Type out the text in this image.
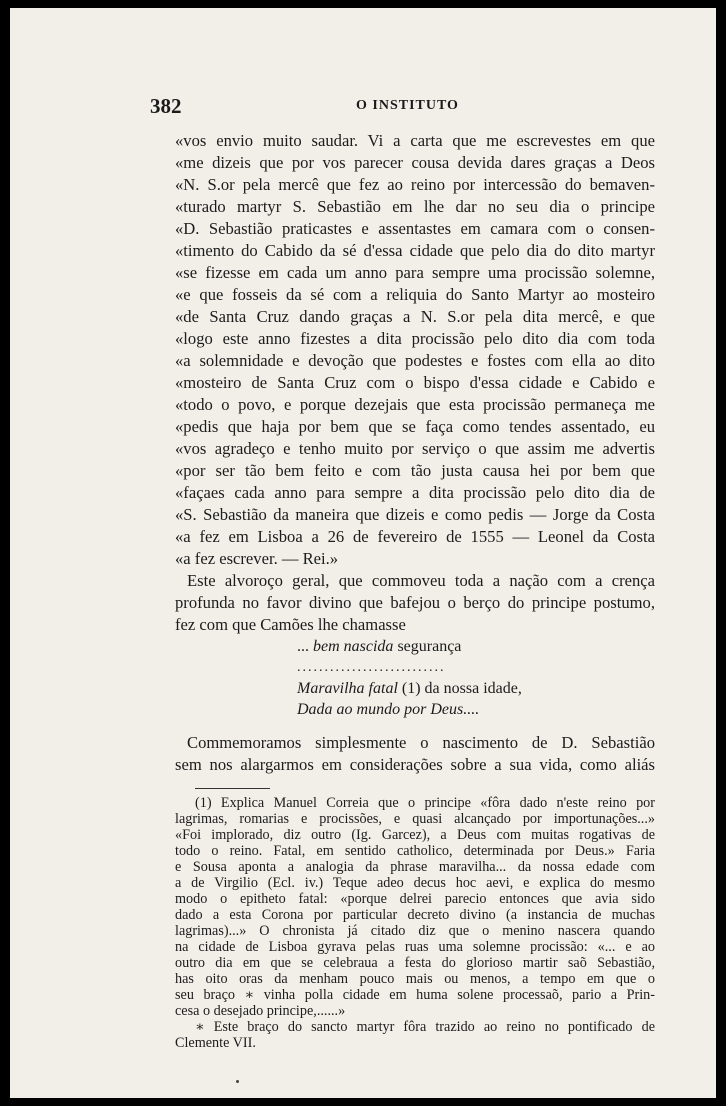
382	O INSTITUTO
«vos envio muito saudar. Vi a carta que me escrevestes em que
«me dizeis que por vos parecer cousa devida dares graças a Deos
«N. S.or pela mercê que fez ao reino por intercessão do bemaven-
«turado martyr S. Sebastião em lhe dar no seu dia o principe
«D. Sebastião praticastes e assentastes em camara com o consen-
«timento do Cabido da sé d'essa cidade que pelo dia do dito martyr
«se fizesse em cada um anno para sempre uma procissão solemne,
«e que fosseis da sé com a reliquia do Santo Martyr ao mosteiro
«de Santa Cruz dando graças a N. S.or pela dita mercê, e que
«logo este anno fizestes a dita procissão pelo dito dia com toda
«a solemnidade e devoção que podestes e fostes com ella ao dito
«mosteiro de Santa Cruz com o bispo d'essa cidade e Cabido e
«todo o povo, e porque dezejais que esta procissão permaneça me
«pedis que haja por bem que se faça como tendes assentado, eu
«vos agradeço e tenho muito por serviço o que assim me advertis
«por ser tão bem feito e com tão justa causa hei por bem que
«façaes cada anno para sempre a dita procissão pelo dito dia de
«S. Sebastião da maneira que dizeis e como pedis — Jorge da Costa
«a fez em Lisboa a 26 de fevereiro de 1555 — Leonel da Costa
«a fez escrever. — Rei.»
Este alvoroço geral, que commoveu toda a nação com a crença
profunda no favor divino que bafejou o berço do principe postumo,
fez com que Camões lhe chamasse
... bem nascida segurança
...........................
Maravilha fatal (1) da nossa idade,
Dada ao mundo por Deus....
Commemoramos simplesmente o nascimento de D. Sebastião
sem nos alargarmos em considerações sobre a sua vida, como aliás
(1) Explica Manuel Correia que o principe «fôra dado n'este reino por
lagrimas, romarias e procissões, e quasi alcançado por importunações...»
«Foi implorado, diz outro (Ig. Garcez), a Deus com muitas rogativas de
todo o reino. Fatal, em sentido catholico, determinada por Deus.» Faria
e Sousa aponta a analogia da phrase maravilha... da nossa edade com
a de Virgilio (Ecl. iv.) Teque adeo decus hoc aevi, e explica do mesmo
modo o epitheto fatal: «porque delrei parecio entonces que avia sido
dado a esta Corona por particular decreto divino (a instancia de muchas
lagrimas)...» O chronista já citado diz que o menino nascera quando
na cidade de Lisboa gyrava pelas ruas uma solemne procissão: «... e ao
outro dia em que se celebraua a festa do glorioso martir saõ Sebastião,
has oito oras da menham pouco mais ou menos, a tempo em que o
seu braço ∗ vinha polla cidade em huma solene processaõ, pario a Prin-
cesa o desejado principe,......»
∗ Este braço do sancto martyr fôra trazido ao reino no pontificado de
Clemente VII.
